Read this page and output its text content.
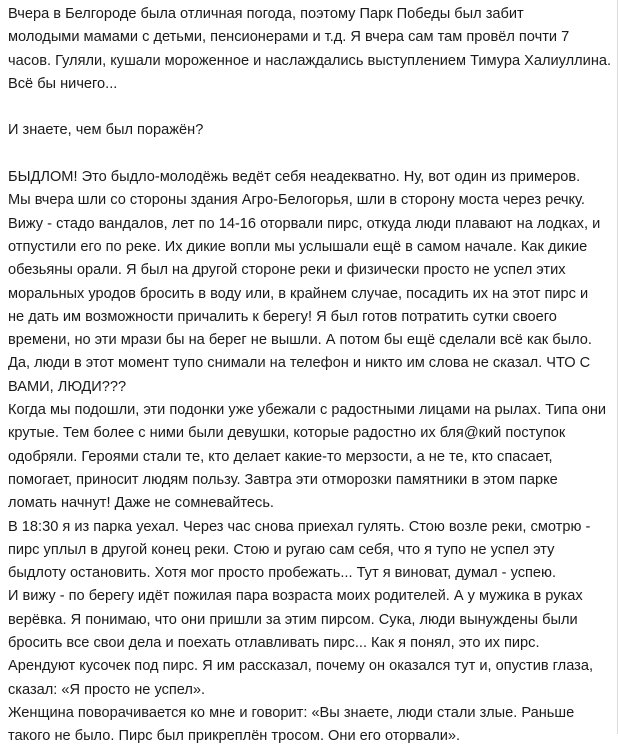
Вчера в Белгороде была отличная погода, поэтому Парк Победы был забит
молодыми мамами с детьми, пенсионерами и т.д. Я вчера сам там провёл почти 7
часов. Гуляли, кушали мороженное и наслаждались выступлением Тимура Халиуллина.
Всё бы ничего...
И знаете, чем был поражён?
БЫДЛОМ! Это быдло-молодёжь ведёт себя неадекватно. Ну, вот один из примеров.
Мы вчера шли со стороны здания Агро-Белогорья, шли в сторону моста через речку.
Вижу - стадо вандалов, лет по 14-16 оторвали пирс, откуда люди плавают на лодках, и
отпустили его по реке. Их дикие вопли мы услышали ещё в самом начале. Как дикие
обезьяны орали. Я был на другой стороне реки и физически просто не успел этих
моральных уродов бросить в воду или, в крайнем случае, посадить их на этот пирс и
не дать им возможности причалить к берегу! Я был готов потратить сутки своего
времени, но эти мрази бы на берег не вышли. А потом бы ещё сделали всё как было.
Да, люди в этот момент тупо снимали на телефон и никто им слова не сказал. ЧТО С
ВАМИ, ЛЮДИ???
Когда мы подошли, эти подонки уже убежали с радостными лицами на рылах. Типа они
крутые. Тем более с ними были девушки, которые радостно их бля@кий поступок
одобряли. Героями стали те, кто делает какие-то мерзости, а не те, кто спасает,
помогает, приносит людям пользу. Завтра эти отморозки памятники в этом парке
ломать начнут! Даже не сомневайтесь.
В 18:30 я из парка уехал. Через час снова приехал гулять. Стою возле реки, смотрю -
пирс уплыл в другой конец реки. Стою и ругаю сам себя, что я тупо не успел эту
быдлоту остановить. Хотя мог просто пробежать... Тут я виноват, думал - успею.
И вижу - по берегу идёт пожилая пара возраста моих родителей. А у мужика в руках
верёвка. Я понимаю, что они пришли за этим пирсом. Сука, люди вынуждены были
бросить все свои дела и поехать отлавливать пирс... Как я понял, это их пирс.
Арендуют кусочек под пирс. Я им рассказал, почему он оказался тут и, опустив глаза,
сказал: «Я просто не успел».
Женщина поворачивается ко мне и говорит: «Вы знаете, люди стали злые. Раньше
такого не было. Пирс был прикреплён тросом. Они его оторвали».
